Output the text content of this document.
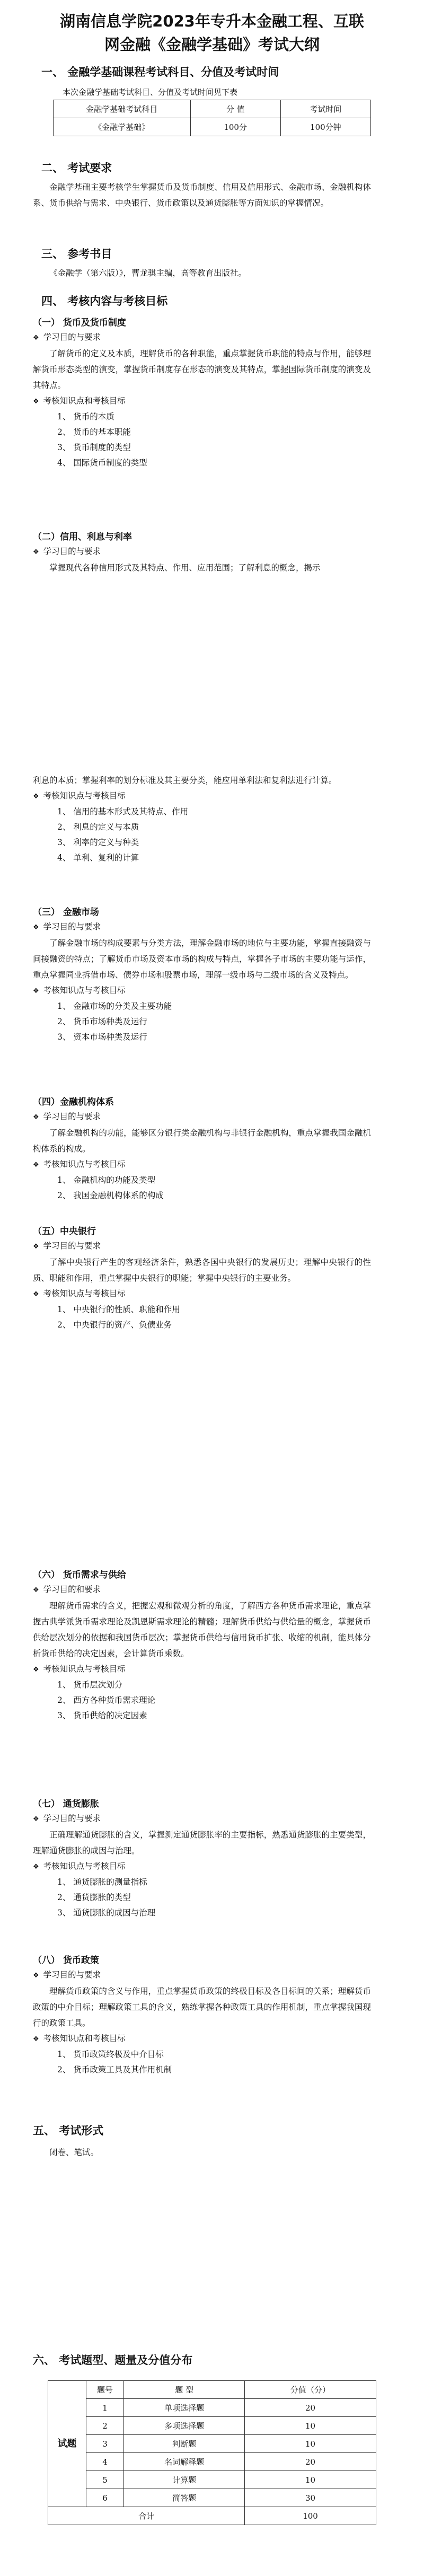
湖南信息学院2023年专升本金融工程、互联
网金融《金融学基础》考试大纲
一、 金融学基础课程考试科目、分值及考试时间
本次金融学基础考试科目、分值及考试时间见下表
金融学基础考试科目	分 值	考试时间
《金融学基础》	100分	100分钟
二、 考试要求

金融学基础主要考核学生掌握货币及货币制度、信用及信用形式、金融市场、金融机构体系、货币供给与需求、中央银行、货币政策以及通货膨胀等方面知识的掌握情况。

三、 参考书目

《金融学（第六版）》，曹龙骐主编，高等教育出版社。

四、 考核内容与考核目标
（一） 货币及货币制度
❖ 学习目的与要求

了解货币的定义及本质，理解货币的各种职能，重点掌握货币职能的特点与作用，能够理解货币形态类型的演变，掌握货币制度存在形态的演变及其特点，掌握国际货币制度的演变及其特点。

❖ 考核知识点和考核目标
1、 货币的本质
2、 货币的基本职能
3、 货币制度的类型
4、 国际货币制度的类型
（二）信用、利息与利率
❖ 学习目的与要求

掌握现代各种信用形式及其特点、作用、应用范围；了解利息的概念，揭示

利息的本质；掌握利率的划分标准及其主要分类，能应用单利法和复利法进行计算。

❖ 考核知识点与考核目标
1、 信用的基本形式及其特点、作用
2、 利息的定义与本质
3、 利率的定义与种类
4、 单利、复利的计算
（三） 金融市场
❖ 学习目的与要求

了解金融市场的构成要素与分类方法，理解金融市场的地位与主要功能，掌握直接融资与间接融资的特点；了解货币市场及资本市场的构成与特点，掌握各子市场的主要功能与运作，重点掌握同业拆借市场、债券市场和股票市场，理解一级市场与二级市场的含义及特点。

❖ 考核知识点与考核目标
1、 金融市场的分类及主要功能
2、 货币市场种类及运行
3、 资本市场种类及运行
（四）金融机构体系
❖ 学习目的与要求

了解金融机构的功能，能够区分银行类金融机构与非银行金融机构，重点掌握我国金融机构体系的构成。

❖ 考核知识点与考核目标
1、 金融机构的功能及类型
2、 我国金融机构体系的构成
（五）中央银行
❖ 学习目的与要求

了解中央银行产生的客观经济条件，熟悉各国中央银行的发展历史；理解中央银行的性质、职能和作用，重点掌握中央银行的职能；掌握中央银行的主要业务。

❖ 考核知识点与考核目标
1、 中央银行的性质、职能和作用
2、 中央银行的资产、负债业务
（六） 货币需求与供给
❖ 学习目的和要求

理解货币需求的含义，把握宏观和微观分析的角度，了解西方各种货币需求理论，重点掌握古典学派货币需求理论及凯恩斯需求理论的精髓；理解货币供给与供给量的概念，掌握货币供给层次划分的依据和我国货币层次；掌握货币供给与信用货币扩张、收缩的机制，能具体分析货币供给的决定因素，会计算货币乘数。

❖ 考核知识点与考核目标
1、 货币层次划分
2、 西方各种货币需求理论
3、 货币供给的决定因素
（七） 通货膨胀
❖ 学习目的与要求

正确理解通货膨胀的含义，掌握测定通货膨胀率的主要指标，熟悉通货膨胀的主要类型，理解通货膨胀的成因与治理。

❖ 考核知识点与考核目标
1、 通货膨胀的测量指标
2、 通货膨胀的类型
3、 通货膨胀的成因与治理
（八） 货币政策
❖ 学习目的与要求

理解货币政策的含义与作用，重点掌握货币政策的终极目标及各目标间的关系；理解货币政策的中介目标；理解政策工具的含义，熟练掌握各种政策工具的作用机制，重点掌握我国现行的政策工具。

❖ 考核知识点和考核目标
1、 货币政策终极及中介目标
2、 货币政策工具及其作用机制
五、 考试形式

闭卷、笔试。

六、 考试题型、题量及分值分布
试题	题号	题 型	分值（分）
	1	单项选择题	20
	2	多项选择题	10
	3	判断题	10
	4	名词解释题	20
	5	计算题	10
	6	简答题	30
合计			100
